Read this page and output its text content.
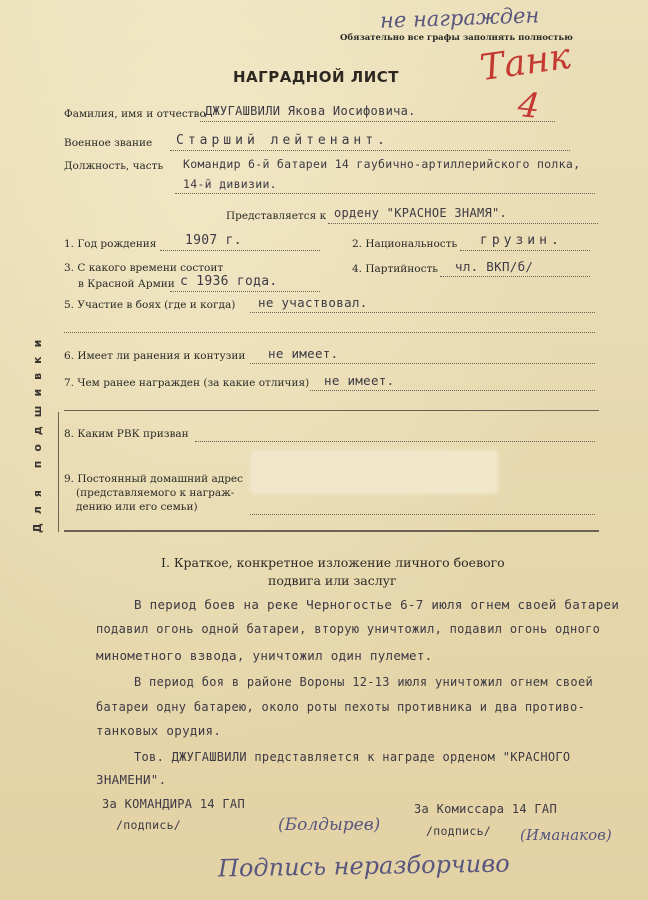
не награжден
Обязательно все графы заполнять полностью
Танк
4
НАГРАДНОЙ ЛИСТ
Фамилия, имя и отчество ДЖУГАШВИЛИ Якова Иосифовича.
Военное звание Старший лейтенант.
Должность, часть Командир 6-й батареи 14 гаубично-артиллерийского полка,
14-й дивизии.
Представляется к ордену "КРАСНОЕ ЗНАМЯ".
1. Год рождения 1907 г.	2. Национальность грузин.
3. С какого времени состоит
в Красной Армии с 1936 года.
4. Партийность чл. ВКП/б/
5. Участие в боях (где и когда) не участвовал.
6. Имеет ли ранения и контузии не имеет.
7. Чем ранее награжден (за какие отличия) не имеет.
8. Каким РВК призван
9. Постоянный домашний адрес
(представляемого к награж-
дению или его семьи)
Для подшивки
I. Краткое, конкретное изложение личного боевого
подвига или заслуг
В период боев на реке Черногостье 6-7 июля огнем своей батареи
подавил огонь одной батареи, вторую уничтожил, подавил огонь одного
минометного взвода, уничтожил один пулемет.
В период боя в районе Вороны 12-13 июля уничтожил огнем своей
батареи одну батарею, около роты пехоты противника и два противо-
танковых орудия.
Тов. ДЖУГАШВИЛИ представляется к награде орденом "КРАСНОГО
ЗНАМЕНИ".
За КОМАНДИРА 14 ГАП
/подпись/	(Болдырев)
За Комиссара 14 ГАП
/подпись/ (Иманаков)
Подпись неразборчиво
